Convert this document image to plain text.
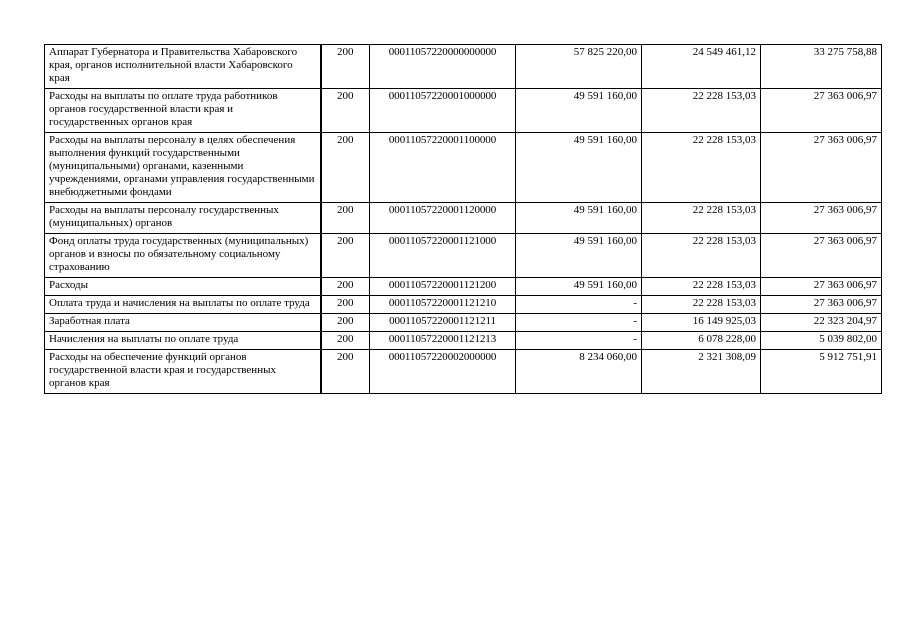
Аппарат Губернатора и Правительства Хабаровского края, органов исполнительной власти Хабаровского края	200	00011057220000000000	57 825 220,00	24 549 461,12	33 275 758,88
Расходы на выплаты по оплате труда работников органов государственной власти края и государственных органов края	200	00011057220001000000	49 591 160,00	22 228 153,03	27 363 006,97
Расходы на выплаты персоналу в целях обеспечения выполнения функций государственными (муниципальными) органами, казенными учреждениями, органами управления государственными внебюджетными фондами	200	00011057220001100000	49 591 160,00	22 228 153,03	27 363 006,97
Расходы на выплаты персоналу государственных (муниципальных) органов	200	00011057220001120000	49 591 160,00	22 228 153,03	27 363 006,97
Фонд оплаты труда государственных (муниципальных) органов и взносы по обязательному социальному страхованию	200	00011057220001121000	49 591 160,00	22 228 153,03	27 363 006,97
Расходы	200	00011057220001121200	49 591 160,00	22 228 153,03	27 363 006,97
Оплата труда и начисления на выплаты по оплате труда	200	00011057220001121210	-	22 228 153,03	27 363 006,97
Заработная плата	200	00011057220001121211	-	16 149 925,03	22 323 204,97
Начисления на выплаты по оплате труда	200	00011057220001121213	-	6 078 228,00	5 039 802,00
Расходы на обеспечение функций органов государственной власти края и государственных органов края	200	00011057220002000000	8 234 060,00	2 321 308,09	5 912 751,91
